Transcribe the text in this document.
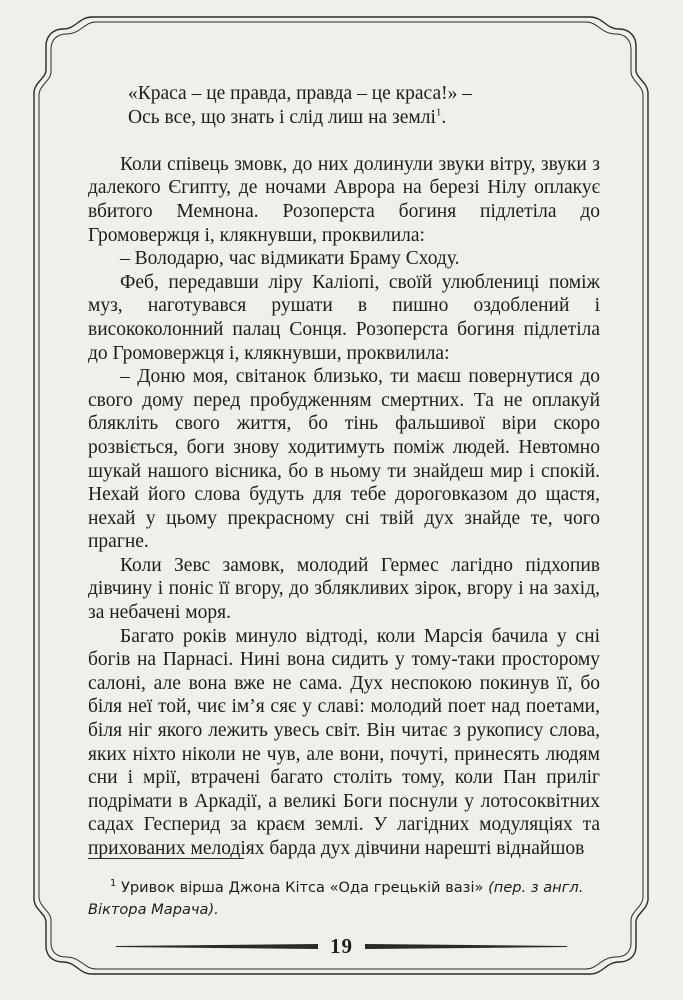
«Краса – це правда, правда – це краса!» –
Ось все, що знать і слід лиш на землі$^1$.

Коли співець змовк, до них долинули звуки вітру, звуки з далекого Єгипту, де ночами Аврора на березі Нілу оплакує вбитого Мемнона. Розоперста богиня підлетіла до Громовержця і, клякнувши, проквилила:

– Володарю, час відмикати Браму Сходу.

Феб, передавши ліру Каліопі, своїй улюблениці поміж муз, наготувався рушати в пишно оздоблений і висококолонний палац Сонця. Розоперста богиня підлетіла до Громовержця і, клякнувши, проквилила:

– Доню моя, світанок близько, ти маєш повернутися до свого дому перед пробудженням смертних. Та не оплакуй блякліть свого життя, бо тінь фальшивої віри скоро розвіється, боги знову ходитимуть поміж людей. Невтомно шукай нашого вісника, бо в ньому ти знайдеш мир і спокій. Нехай його слова будуть для тебе дороговказом до щастя, нехай у цьому прекрасному сні твій дух знайде те, чого прагне.

Коли Зевс замовк, молодий Гермес лагідно підхопив дівчину і поніс її вгору, до зблякливих зірок, вгору і на захід, за небачені моря.

Багато років минуло відтоді, коли Марсія бачила у сні богів на Парнасі. Нині вона сидить у тому-таки просторому салоні, але вона вже не сама. Дух неспокою покинув її, бо біля неї той, чиє ім’я сяє у славі: молодий поет над поетами, біля ніг якого лежить увесь світ. Він читає з рукопису слова, яких ніхто ніколи не чув, але вони, почуті, принесять людям сни і мрії, втрачені багато століть тому, коли Пан приліг подрімати в Аркадії, а великі Боги поснули у лотосоквітних садах Гесперид за краєм землі. У лагідних модуляціях та прихованих мелодіях барда дух дівчини нарешті віднайшов

$^1$ Уривок вірша Джона Кітса «Ода грецькій вазі» (пер. з англ. Віктора Марача).
19
